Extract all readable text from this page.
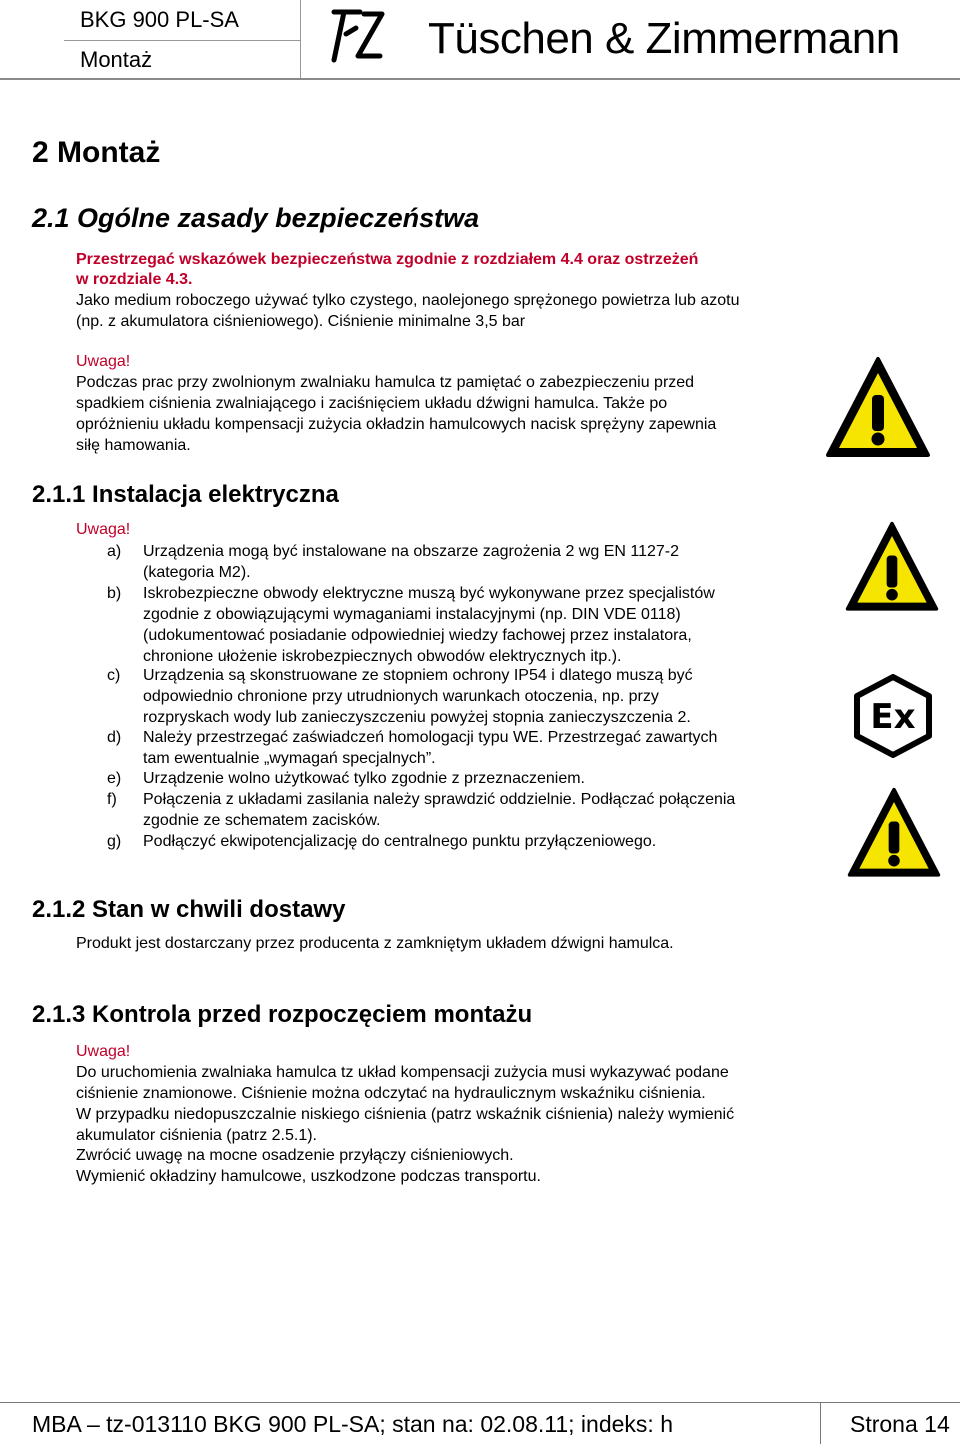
BKG 900 PL-SA
Montaż	Tüschen & Zimmermann
2 Montaż
2.1 Ogólne zasady bezpieczeństwa
Przestrzegać wskazówek bezpieczeństwa zgodnie z rozdziałem 4.4 oraz ostrzeżeń
w rozdziale 4.3.
Jako medium roboczego używać tylko czystego, naolejonego sprężonego powietrza lub azotu
(np. z akumulatora ciśnieniowego). Ciśnienie minimalne 3,5 bar
Uwaga!
Podczas prac przy zwolnionym zwalniaku hamulca tz pamiętać o zabezpieczeniu przed
spadkiem ciśnienia zwalniającego i zaciśnięciem układu dźwigni hamulca. Także po
opróżnieniu układu kompensacji zużycia okładzin hamulcowych nacisk sprężyny zapewnia
siłę hamowania.
2.1.1 Instalacja elektryczna
Uwaga!
a)	Urządzenia mogą być instalowane na obszarze zagrożenia 2 wg EN 1127-2
(kategoria M2).
b)	Iskrobezpieczne obwody elektryczne muszą być wykonywane przez specjalistów
zgodnie z obowiązującymi wymaganiami instalacyjnymi (np. DIN VDE 0118)
(udokumentować posiadanie odpowiedniej wiedzy fachowej przez instalatora,
chronione ułożenie iskrobezpiecznych obwodów elektrycznych itp.).
c)	Urządzenia są skonstruowane ze stopniem ochrony IP54 i dlatego muszą być
odpowiednio chronione przy utrudnionych warunkach otoczenia, np. przy
rozpryskach wody lub zanieczyszczeniu powyżej stopnia zanieczyszczenia 2.
d)	Należy przestrzegać zaświadczeń homologacji typu WE. Przestrzegać zawartych
tam ewentualnie „wymagań specjalnych”.
e)	Urządzenie wolno użytkować tylko zgodnie z przeznaczeniem.
f)	Połączenia z układami zasilania należy sprawdzić oddzielnie. Podłączać połączenia
zgodnie ze schematem zacisków.
g)	Podłączyć ekwipotencjalizację do centralnego punktu przyłączeniowego.
Ex
2.1.2 Stan w chwili dostawy
Produkt jest dostarczany przez producenta z zamkniętym układem dźwigni hamulca.
2.1.3 Kontrola przed rozpoczęciem montażu
Uwaga!
Do uruchomienia zwalniaka hamulca tz układ kompensacji zużycia musi wykazywać podane
ciśnienie znamionowe. Ciśnienie można odczytać na hydraulicznym wskaźniku ciśnienia.
W przypadku niedopuszczalnie niskiego ciśnienia (patrz wskaźnik ciśnienia) należy wymienić
akumulator ciśnienia (patrz 2.5.1).
Zwrócić uwagę na mocne osadzenie przyłączy ciśnieniowych.
Wymienić okładziny hamulcowe, uszkodzone podczas transportu.
MBA – tz-013110 BKG 900 PL-SA; stan na: 02.08.11; indeks: h	Strona 14
